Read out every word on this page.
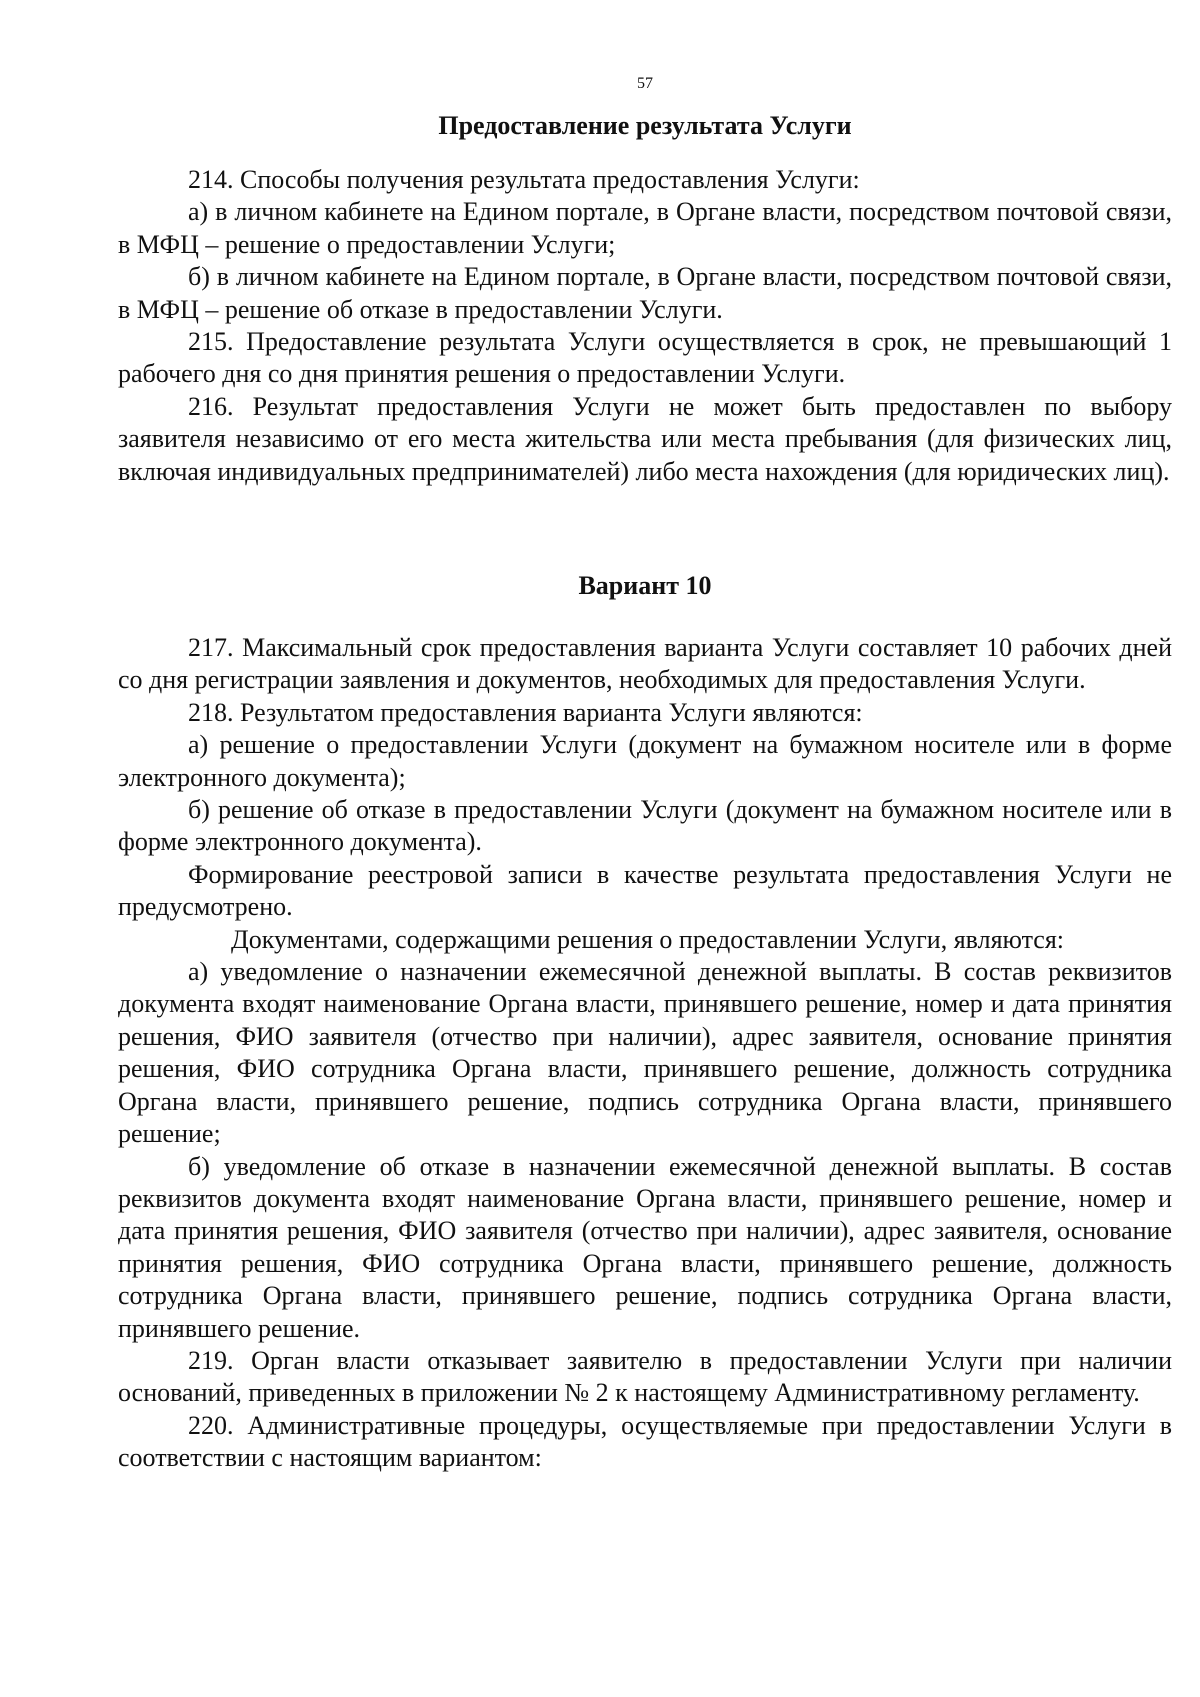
57
Предоставление результата Услуги

214. Способы получения результата предоставления Услуги:

а) в личном кабинете на Едином портале, в Органе власти, посредством почтовой связи, в МФЦ – решение о предоставлении Услуги;

б) в личном кабинете на Едином портале, в Органе власти, посредством почтовой связи, в МФЦ – решение об отказе в предоставлении Услуги.

215. Предоставление результата Услуги осуществляется в срок, не превышающий 1 рабочего дня со дня принятия решения о предоставлении Услуги.

216. Результат предоставления Услуги не может быть предоставлен по выбору заявителя независимо от его места жительства или места пребывания (для физических лиц, включая индивидуальных предпринимателей) либо места нахождения (для юридических лиц).

Вариант 10

217. Максимальный срок предоставления варианта Услуги составляет 10 рабочих дней со дня регистрации заявления и документов, необходимых для предоставления Услуги.

218. Результатом предоставления варианта Услуги являются:

а) решение о предоставлении Услуги (документ на бумажном носителе или в форме электронного документа);

б) решение об отказе в предоставлении Услуги (документ на бумажном носителе или в форме электронного документа).

Формирование реестровой записи в качестве результата предоставления Услуги не предусмотрено.

Документами, содержащими решения о предоставлении Услуги, являются:

а) уведомление о назначении ежемесячной денежной выплаты. В состав реквизитов документа входят наименование Органа власти, принявшего решение, номер и дата принятия решения, ФИО заявителя (отчество при наличии), адрес заявителя, основание принятия решения, ФИО сотрудника Органа власти, принявшего решение, должность сотрудника Органа власти, принявшего решение, подпись сотрудника Органа власти, принявшего решение;

б) уведомление об отказе в назначении ежемесячной денежной выплаты. В состав реквизитов документа входят наименование Органа власти, принявшего решение, номер и дата принятия решения, ФИО заявителя (отчество при наличии), адрес заявителя, основание принятия решения, ФИО сотрудника Органа власти, принявшего решение, должность сотрудника Органа власти, принявшего решение, подпись сотрудника Органа власти, принявшего решение.

219. Орган власти отказывает заявителю в предоставлении Услуги при наличии оснований, приведенных в приложении № 2 к настоящему Административному регламенту.

220. Административные процедуры, осуществляемые при предоставлении Услуги в соответствии с настоящим вариантом:
